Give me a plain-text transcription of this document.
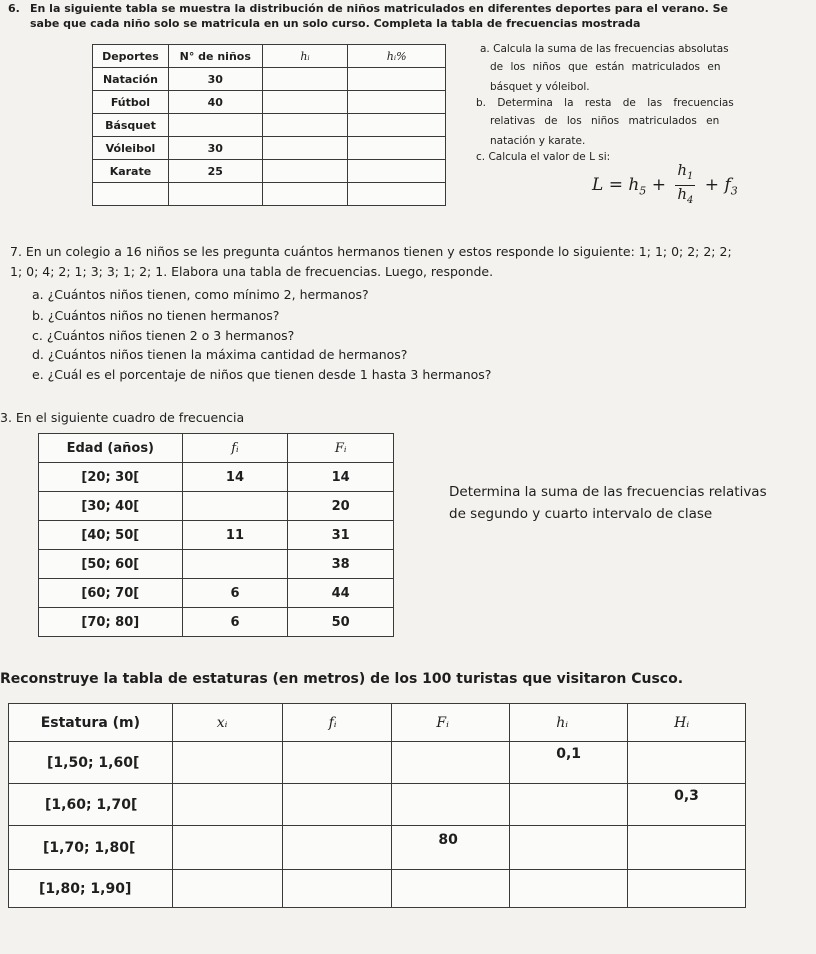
6. En la siguiente tabla se muestra la distribución de niños matriculados en diferentes deportes para el verano. Se
sabe que cada niño solo se matricula en un solo curso. Completa la tabla de frecuencias mostrada
Deportes	N° de niños	hᵢ	hᵢ%
Natación	30		
Fútbol	40		
Básquet			
Vóleibol	30		
Karate	25		

a. Calcula la suma de las frecuencias absolutas
de los niños que están matriculados en
básquet y vóleibol.
b. Determina la resta de las frecuencias
relativas de los niños matriculados en
natación y karate.
c. Calcula el valor de L si:
$L = h_5 + \frac{h_1}{h_4} + f_3$
7. En un colegio a 16 niños se les pregunta cuántos hermanos tienen y estos responde lo siguiente: 1; 1; 0; 2; 2; 2;
1; 0; 4; 2; 1; 3; 3; 1; 2; 1. Elabora una tabla de frecuencias. Luego, responde.
a. ¿Cuántos niños tienen, como mínimo 2, hermanos?
b. ¿Cuántos niños no tienen hermanos?
c. ¿Cuántos niños tienen 2 o 3 hermanos?
d. ¿Cuántos niños tienen la máxima cantidad de hermanos?
e. ¿Cuál es el porcentaje de niños que tienen desde 1 hasta 3 hermanos?
3. En el siguiente cuadro de frecuencia
Edad (años)	fᵢ	Fᵢ
[20; 30[	14	14
[30; 40[		20
[40; 50[	11	31
[50; 60[		38
[60; 70[	6	44
[70; 80]	6	50
Determina la suma de las frecuencias relativas
de segundo y cuarto intervalo de clase
Reconstruye la tabla de estaturas (en metros) de los 100 turistas que visitaron Cusco.
Estatura (m)	xᵢ	fᵢ	Fᵢ	hᵢ	Hᵢ
[1,50; 1,60[				0,1	
[1,60; 1,70[					0,3
[1,70; 1,80[			80		
[1,80; 1,90]					
